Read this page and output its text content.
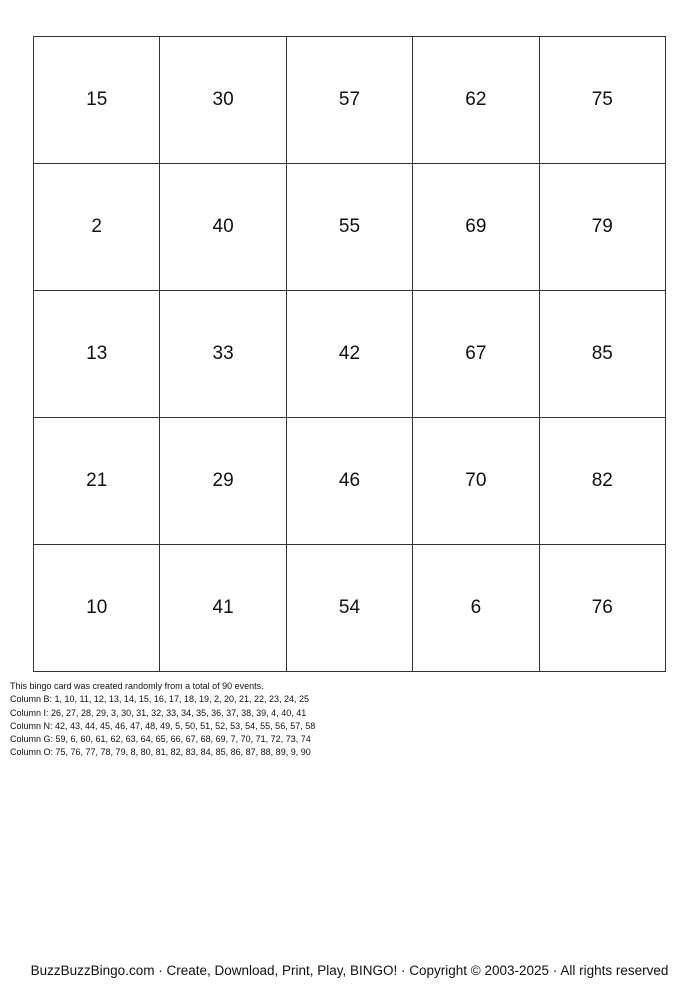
15	30	57	62	75
2	40	55	69	79
13	33	42	67	85
21	29	46	70	82
10	41	54	6	76
This bingo card was created randomly from a total of 90 events.
Column B: 1, 10, 11, 12, 13, 14, 15, 16, 17, 18, 19, 2, 20, 21, 22, 23, 24, 25
Column I: 26, 27, 28, 29, 3, 30, 31, 32, 33, 34, 35, 36, 37, 38, 39, 4, 40, 41
Column N: 42, 43, 44, 45, 46, 47, 48, 49, 5, 50, 51, 52, 53, 54, 55, 56, 57, 58
Column G: 59, 6, 60, 61, 62, 63, 64, 65, 66, 67, 68, 69, 7, 70, 71, 72, 73, 74
Column O: 75, 76, 77, 78, 79, 8, 80, 81, 82, 83, 84, 85, 86, 87, 88, 89, 9, 90
BuzzBuzzBingo.com · Create, Download, Print, Play, BINGO! · Copyright © 2003-2025 · All rights reserved
